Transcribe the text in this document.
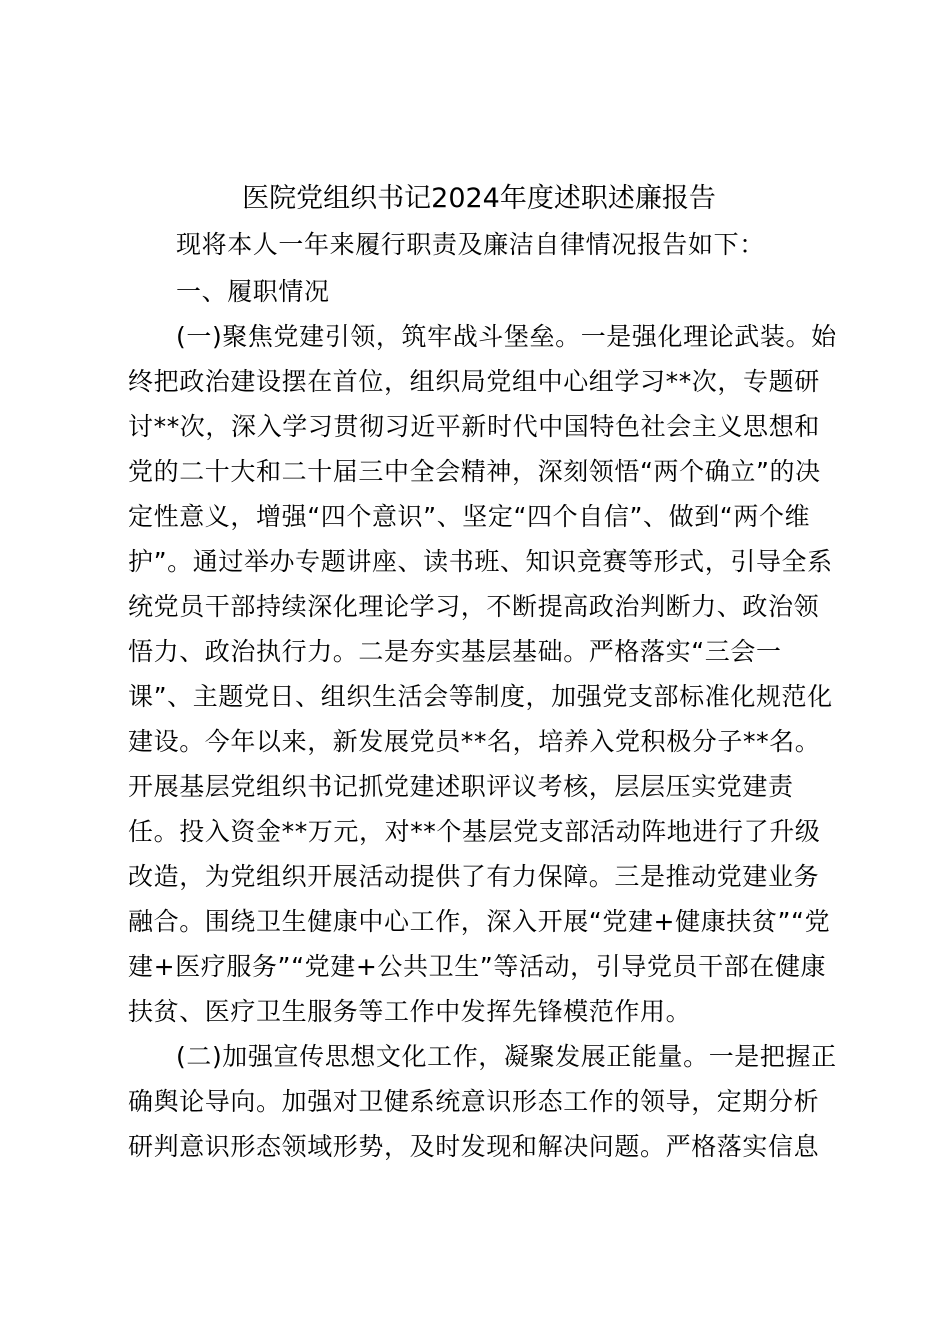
医院党组织书记2024年度述职述廉报告
现将本人一年来履行职责及廉洁自律情况报告如下：
一、履职情况
(一)聚焦党建引领，筑牢战斗堡垒。一是强化理论武装。始
终把政治建设摆在首位，组织局党组中心组学习**次，专题研
讨**次，深入学习贯彻习近平新时代中国特色社会主义思想和
党的二十大和二十届三中全会精神，深刻领悟“两个确立”的决
定性意义，增强“四个意识”、坚定“四个自信”、做到“两个维
护”。通过举办专题讲座、读书班、知识竞赛等形式，引导全系
统党员干部持续深化理论学习，不断提高政治判断力、政治领
悟力、政治执行力。二是夯实基层基础。严格落实“三会一
课”、主题党日、组织生活会等制度，加强党支部标准化规范化
建设。今年以来，新发展党员**名，培养入党积极分子**名。
开展基层党组织书记抓党建述职评议考核，层层压实党建责
任。投入资金**万元，对**个基层党支部活动阵地进行了升级
改造，为党组织开展活动提供了有力保障。三是推动党建业务
融合。围绕卫生健康中心工作，深入开展“党建+健康扶贫”“党
建+医疗服务”“党建+公共卫生”等活动，引导党员干部在健康
扶贫、医疗卫生服务等工作中发挥先锋模范作用。
(二)加强宣传思想文化工作，凝聚发展正能量。一是把握正
确舆论导向。加强对卫健系统意识形态工作的领导，定期分析
研判意识形态领域形势，及时发现和解决问题。严格落实信息
